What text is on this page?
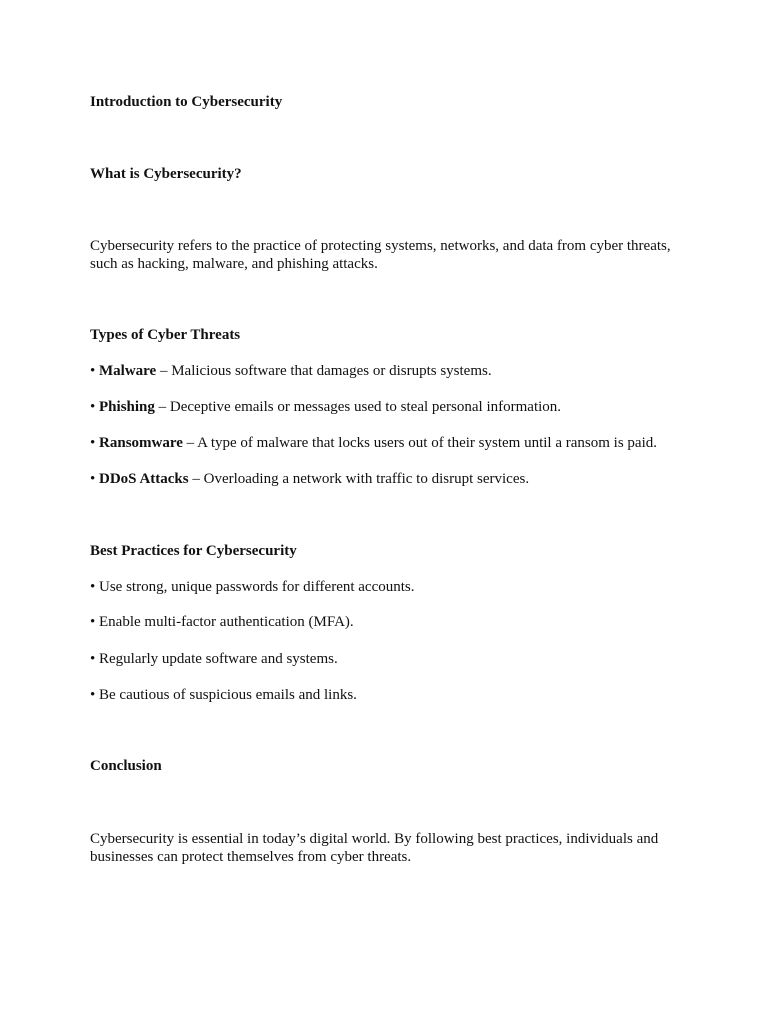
Introduction to Cybersecurity

What is Cybersecurity?

Cybersecurity refers to the practice of protecting systems, networks, and data from cyber threats, such as hacking, malware, and phishing attacks.

Types of Cyber Threats

• Malware – Malicious software that damages or disrupts systems.

• Phishing – Deceptive emails or messages used to steal personal information.

• Ransomware – A type of malware that locks users out of their system until a ransom is paid.

• DDoS Attacks – Overloading a network with traffic to disrupt services.

Best Practices for Cybersecurity

• Use strong, unique passwords for different accounts.

• Enable multi-factor authentication (MFA).

• Regularly update software and systems.

• Be cautious of suspicious emails and links.

Conclusion

Cybersecurity is essential in today’s digital world. By following best practices, individuals and businesses can protect themselves from cyber threats.
